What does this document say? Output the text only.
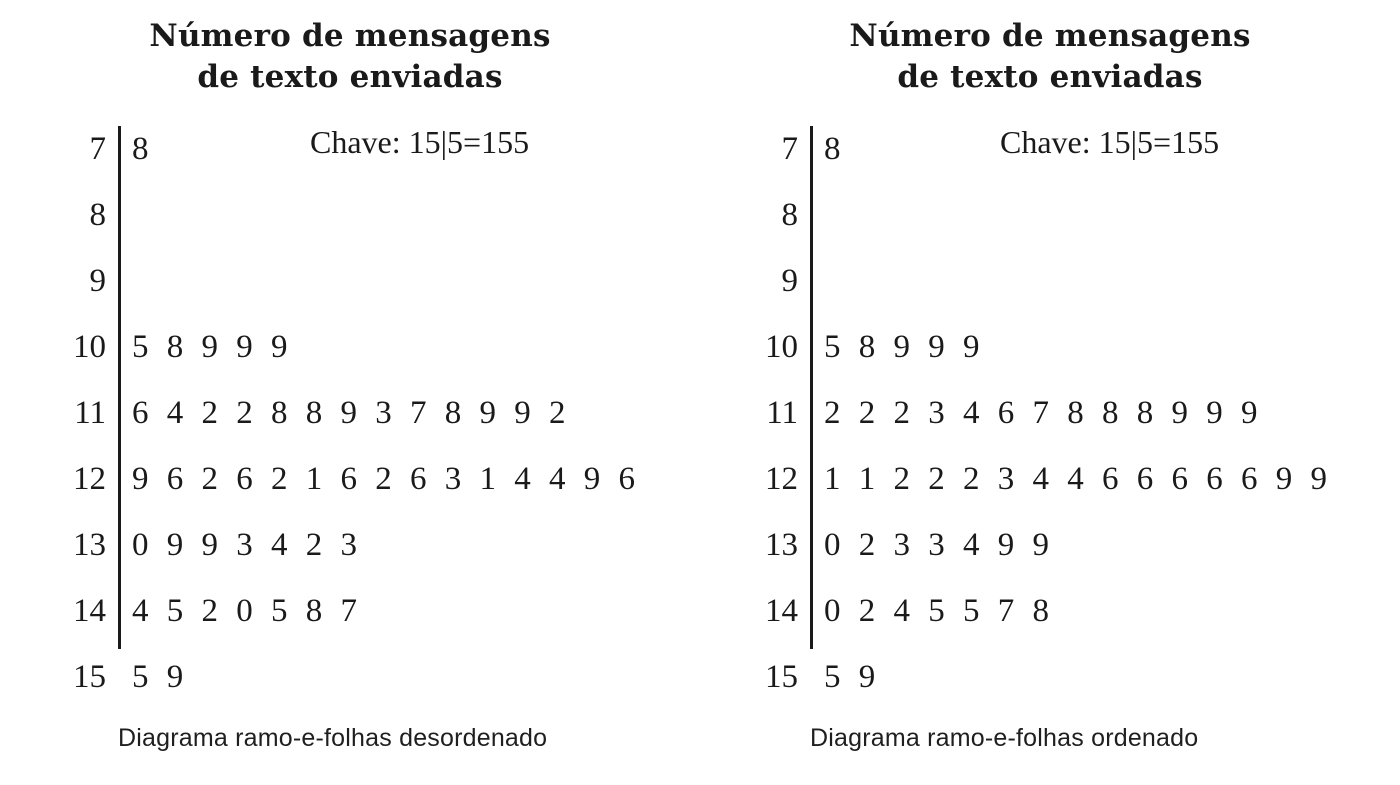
Número de mensagens
de texto enviadas
Chave: 15|5=155
7 8
8
9
10 5 8 9 9 9
11 6 4 2 2 8 8 9 3 7 8 9 9 2
12 9 6 2 6 2 1 6 2 6 3 1 4 4 9 6
13 0 9 9 3 4 2 3
14 4 5 2 0 5 8 7
15 5 9
Diagrama ramo-e-folhas desordenado
Número de mensagens
de texto enviadas
Chave: 15|5=155
7 8
8
9
10 5 8 9 9 9
11 2 2 2 3 4 6 7 8 8 8 9 9 9
12 1 1 2 2 2 3 4 4 6 6 6 6 6 9 9
13 0 2 3 3 4 9 9
14 0 2 4 5 5 7 8
15 5 9
Diagrama ramo-e-folhas ordenado
